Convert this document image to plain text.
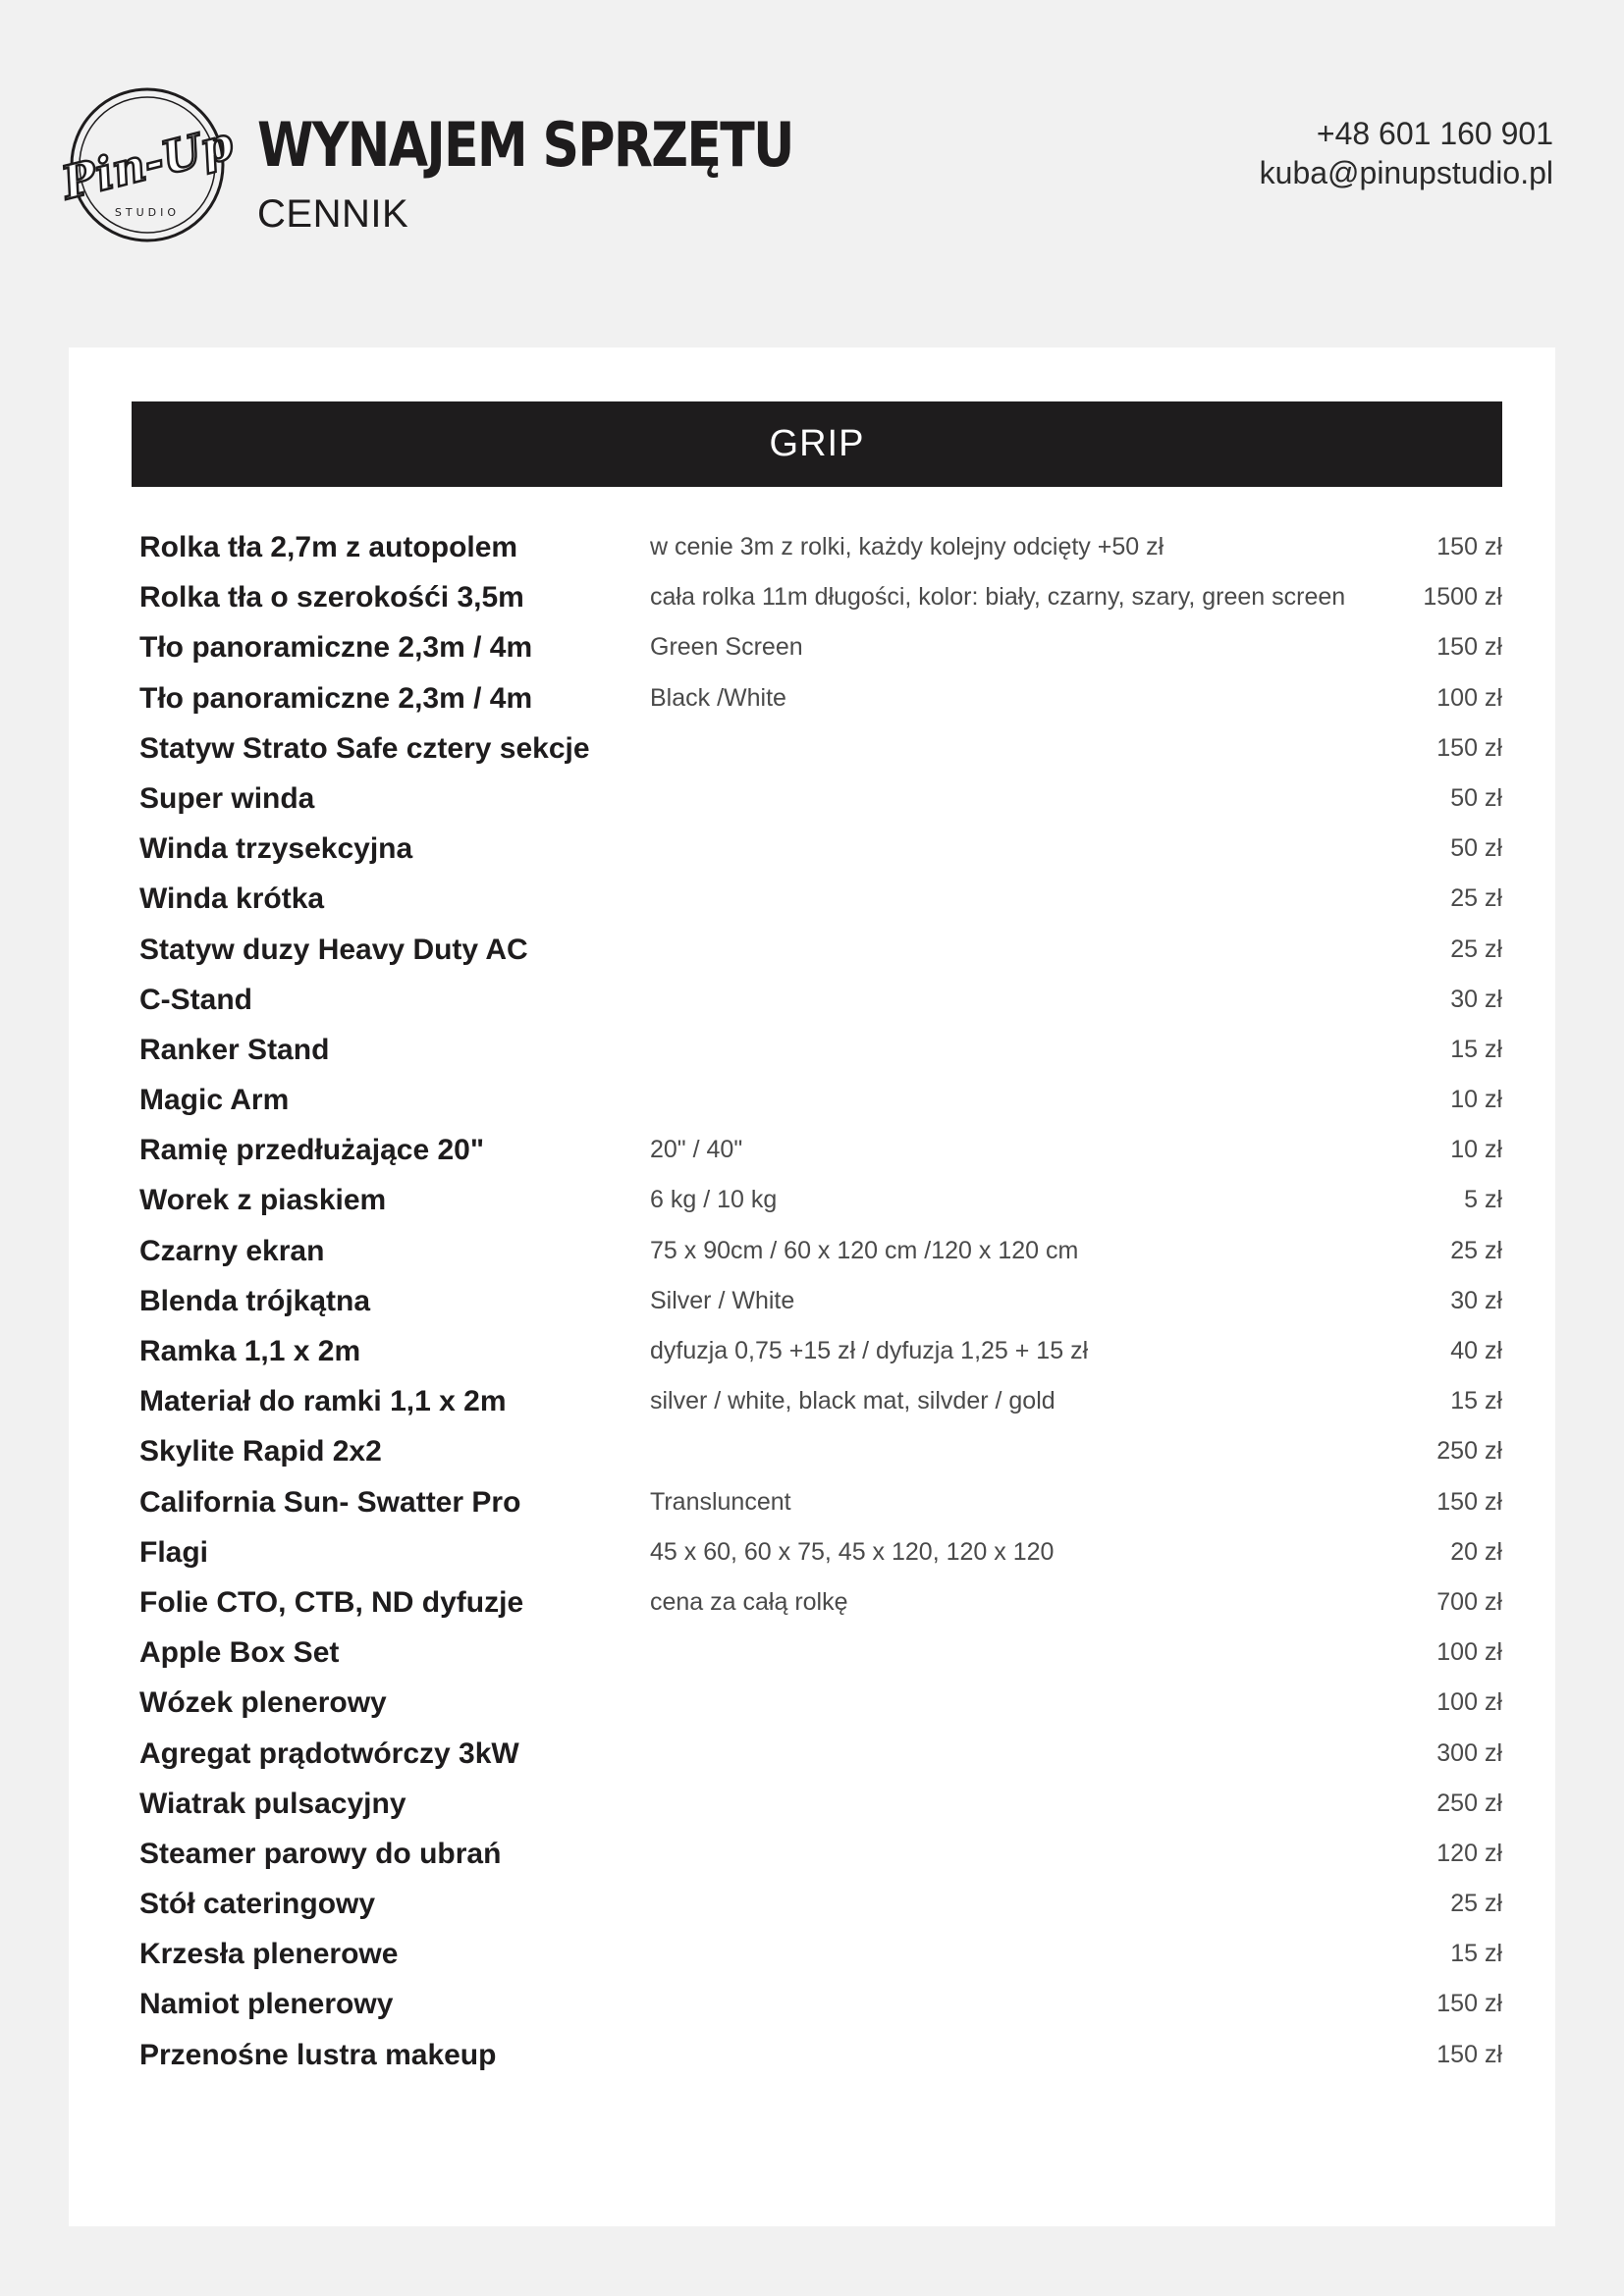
Pin-Up
STUDIO
WYNAJEM SPRZĘTU
CENNIK
+48 601 160 901
kuba@pinupstudio.pl
GRIP
Rolka tła 2,7m z autopolem	w cenie 3m z rolki, każdy kolejny odcięty +50 zł	150 zł
Rolka tła o szerokośći 3,5m	cała rolka 11m długości, kolor: biały, czarny, szary, green screen	1500 zł
Tło panoramiczne 2,3m / 4m	Green Screen	150 zł
Tło panoramiczne 2,3m / 4m	Black /White	100 zł
Statyw Strato Safe cztery sekcje	150 zł
Super winda	50 zł
Winda trzysekcyjna	50 zł
Winda krótka	25 zł
Statyw duzy Heavy Duty AC	25 zł
C-Stand	30 zł
Ranker Stand	15 zł
Magic Arm	10 zł
Ramię przedłużające 20"	20" / 40"	10 zł
Worek z piaskiem	6 kg / 10 kg	5 zł
Czarny ekran	75 x 90cm / 60 x 120 cm /120 x 120 cm	25 zł
Blenda trójkątna	Silver / White	30 zł
Ramka 1,1 x 2m	dyfuzja 0,75 +15 zł / dyfuzja 1,25 + 15 zł	40 zł
Materiał do ramki 1,1 x 2m	silver / white, black mat, silvder / gold	15 zł
Skylite Rapid 2x2	250 zł
California Sun- Swatter Pro	Transluncent	150 zł
Flagi	45 x 60, 60 x 75, 45 x 120, 120 x 120	20 zł
Folie CTO, CTB, ND dyfuzje	cena za całą rolkę	700 zł
Apple Box Set	100 zł
Wózek plenerowy	100 zł
Agregat prądotwórczy 3kW	300 zł
Wiatrak pulsacyjny	250 zł
Steamer parowy do ubrań	120 zł
Stół cateringowy	25 zł
Krzesła plenerowe	15 zł
Namiot plenerowy	150 zł
Przenośne lustra makeup	150 zł
